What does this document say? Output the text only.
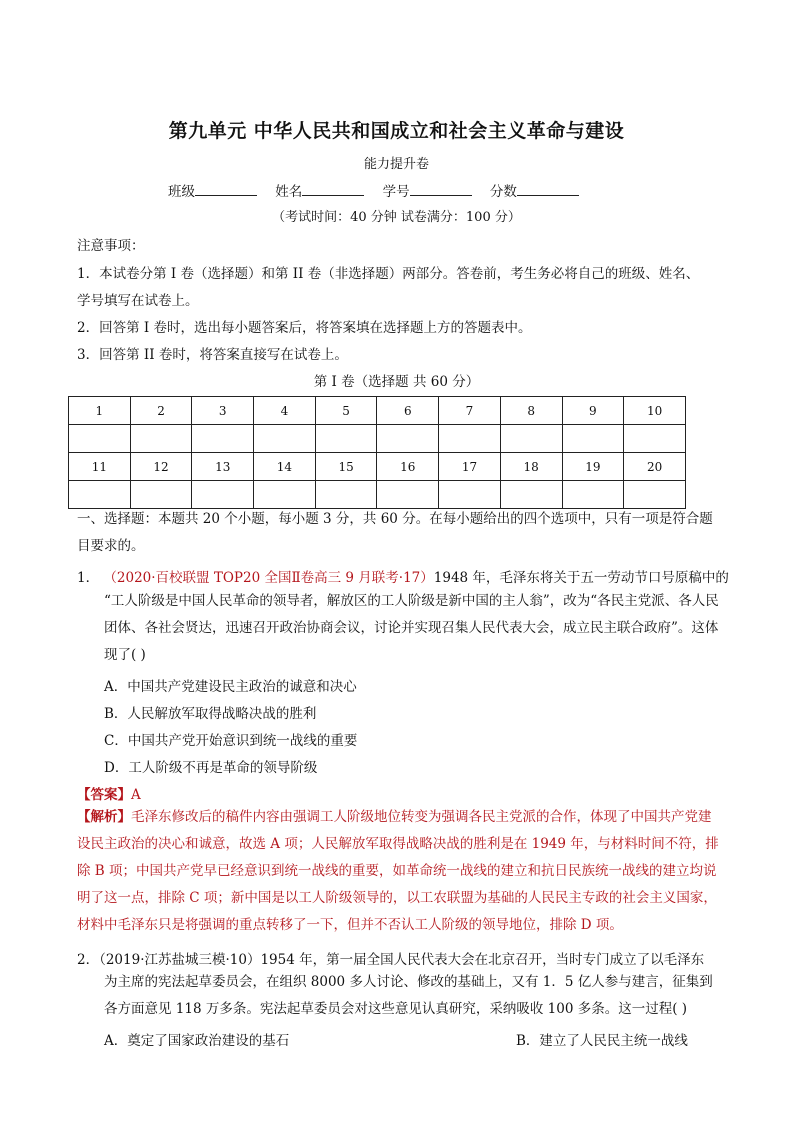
第九单元 中华人民共和国成立和社会主义革命与建设
能力提升卷
班级	姓名	学号	分数
（考试时间：40 分钟 试卷满分：100 分）
注意事项：
1．本试卷分第 I 卷（选择题）和第 II 卷（非选择题）两部分。答卷前，考生务必将自己的班级、姓名、
学号填写在试卷上。
2．回答第 I 卷时，选出每小题答案后，将答案填在选择题上方的答题表中。
3．回答第 II 卷时，将答案直接写在试卷上。
第 I 卷（选择题 共 60 分）
1	2	3	4	5	6	7	8	9	10

11	12	13	14	15	16	17	18	19	20

一、选择题：本题共 20 个小题，每小题 3 分，共 60 分。在每小题给出的四个选项中，只有一项是符合题目要求的。
1． （2020·百校联盟 TOP20 全国Ⅱ卷高三 9 月联考·17）1948 年，毛泽东将关于五一劳动节口号原稿中的
“工人阶级是中国人民革命的领导者，解放区的工人阶级是新中国的主人翁”，改为“各民主党派、各人民团体、各社会贤达，迅速召开政治协商会议，讨论并实现召集人民代表大会，成立民主联合政府”。这体现了( )
A．中国共产党建设民主政治的诚意和决心
B．人民解放军取得战略决战的胜利
C．中国共产党开始意识到统一战线的重要
D．工人阶级不再是革命的领导阶级
【答案】A
【解析】毛泽东修改后的稿件内容由强调工人阶级地位转变为强调各民主党派的合作，体现了中国共产党建设民主政治的决心和诚意，故选 A 项；人民解放军取得战略决战的胜利是在 1949 年，与材料时间不符，排除 B 项；中国共产党早已经意识到统一战线的重要，如革命统一战线的建立和抗日民族统一战线的建立均说明了这一点，排除 C 项；新中国是以工人阶级领导的，以工农联盟为基础的人民民主专政的社会主义国家，材料中毛泽东只是将强调的重点转移了一下，但并不否认工人阶级的领导地位，排除 D 项。
2．（2019·江苏盐城三模·10）1954 年，第一届全国人民代表大会在北京召开，当时专门成立了以毛泽东
为主席的宪法起草委员会，在组织 8000 多人讨论、修改的基础上，又有 1．5 亿人参与建言，征集到各方面意见 118 万多条。宪法起草委员会对这些意见认真研究，采纳吸收 100 多条。这一过程( )
A．奠定了国家政治建设的基石	B．建立了人民民主统一战线
